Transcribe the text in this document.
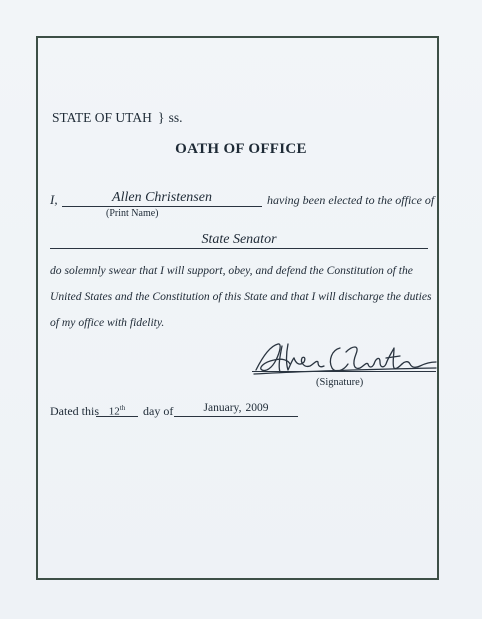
STATE OF UTAH } ss.
OATH OF OFFICE
I,	Allen Christensen	having been elected to the office of
(Print Name)
State Senator
do solemnly swear that I will support, obey, and defend the Constitution of the
United States and the Constitution of this State and that I will discharge the duties
of my office with fidelity.
(Signature)
Dated this 12th	day of	January, 2009
